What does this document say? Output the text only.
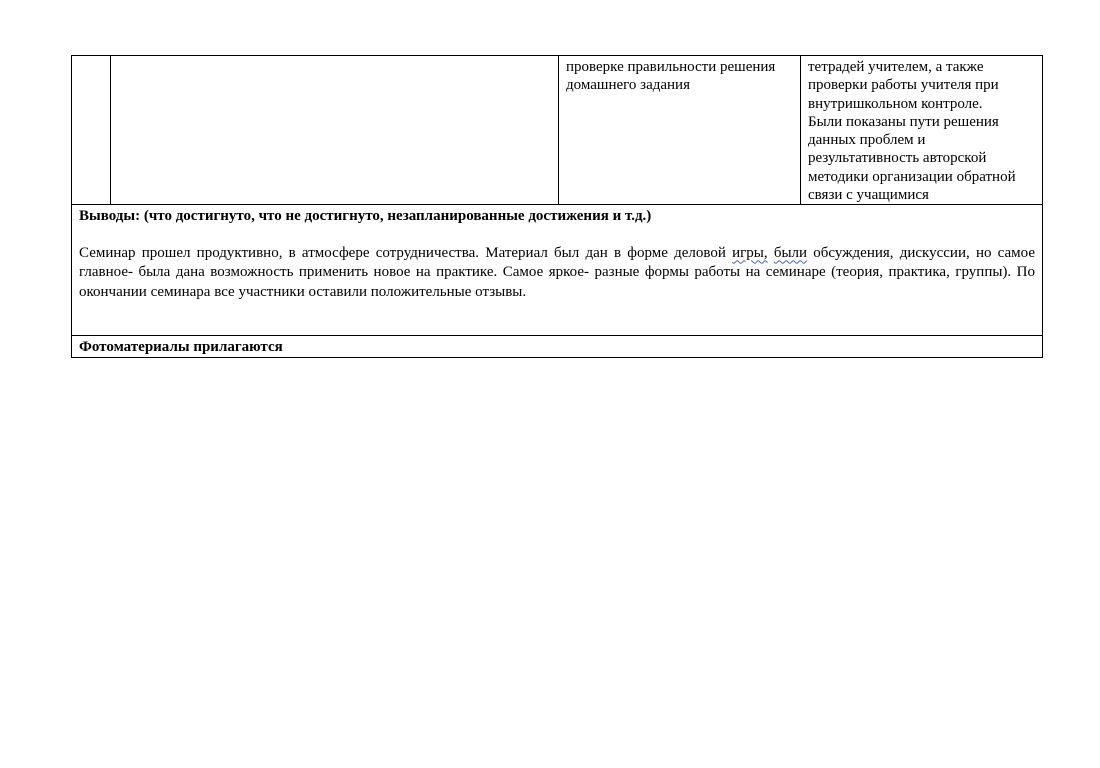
проверке правильности решения
домашнего задания

тетрадей учителем, а также
проверки работы учителя при
внутришкольном контроле.
Были показаны пути решения
данных проблем и
результативность авторской
методики организации обратной
связи с учащимися

Выводы: (что достигнуто, что не достигнуто, незапланированные достижения и т.д.)
Семинар прошел продуктивно, в атмосфере сотрудничества. Материал был дан в форме деловой игры, были обсуждения, дискуссии, но самое главное- была дана возможность применить новое на практике. Самое яркое- разные формы работы на семинаре (теория, практика, группы). По окончании семинара все участники оставили положительные отзывы.

Фотоматериалы прилагаются
